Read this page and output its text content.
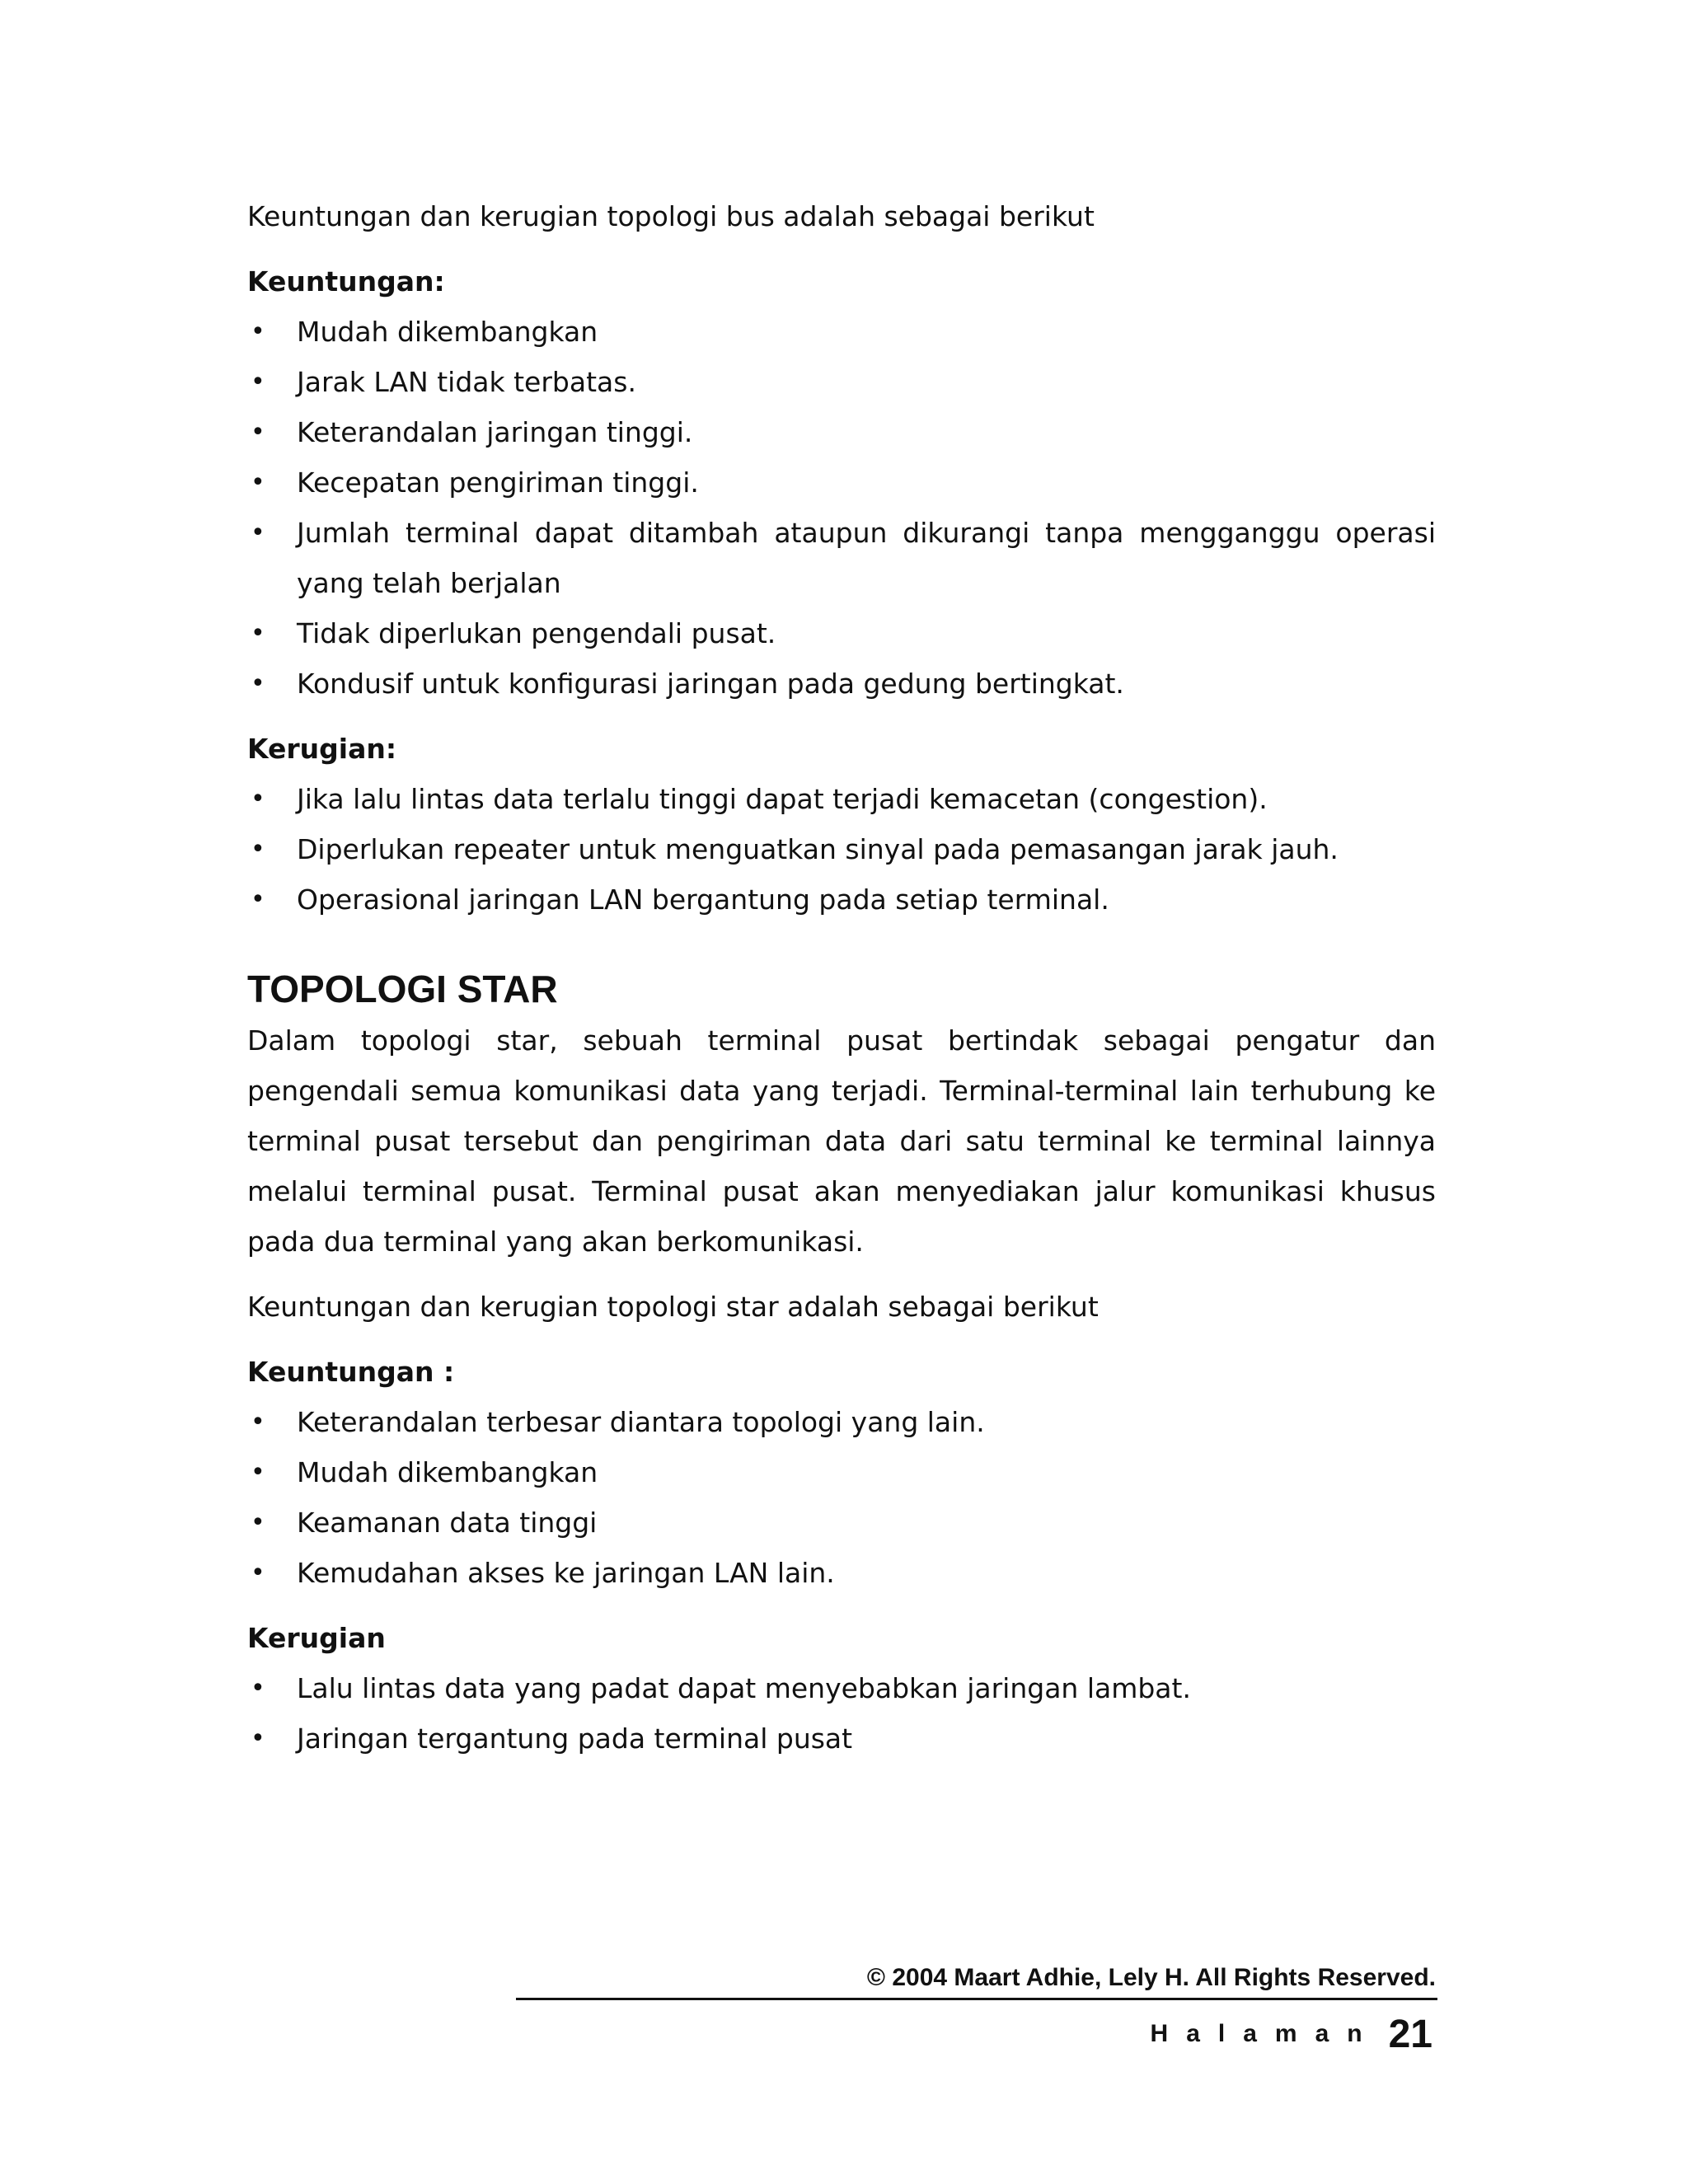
Keuntungan dan kerugian topologi bus adalah sebagai berikut

Keuntungan:
• Mudah dikembangkan
• Jarak LAN tidak terbatas.
• Keterandalan jaringan tinggi.
• Kecepatan pengiriman tinggi.
• Jumlah terminal dapat ditambah ataupun dikurangi tanpa mengganggu operasi yang telah berjalan
• Tidak diperlukan pengendali pusat.
• Kondusif untuk konfigurasi jaringan pada gedung bertingkat.
Kerugian:
• Jika lalu lintas data terlalu tinggi dapat terjadi kemacetan (congestion).
• Diperlukan repeater untuk menguatkan sinyal pada pemasangan jarak jauh.
• Operasional jaringan LAN bergantung pada setiap terminal.
TOPOLOGI STAR

Dalam topologi star, sebuah terminal pusat bertindak sebagai pengatur dan pengendali semua komunikasi data yang terjadi. Terminal-terminal lain terhubung ke terminal pusat tersebut dan pengiriman data dari satu terminal ke terminal lainnya melalui terminal pusat. Terminal pusat akan menyediakan jalur komunikasi khusus pada dua terminal yang akan berkomunikasi.

Keuntungan dan kerugian topologi star adalah sebagai berikut

Keuntungan :
• Keterandalan terbesar diantara topologi yang lain.
• Mudah dikembangkan
• Keamanan data tinggi
• Kemudahan akses ke jaringan LAN lain.
Kerugian
• Lalu lintas data yang padat dapat menyebabkan jaringan lambat.
• Jaringan tergantung pada terminal pusat
© 2004 Maart Adhie, Lely H. All Rights Reserved.
Halaman 21
